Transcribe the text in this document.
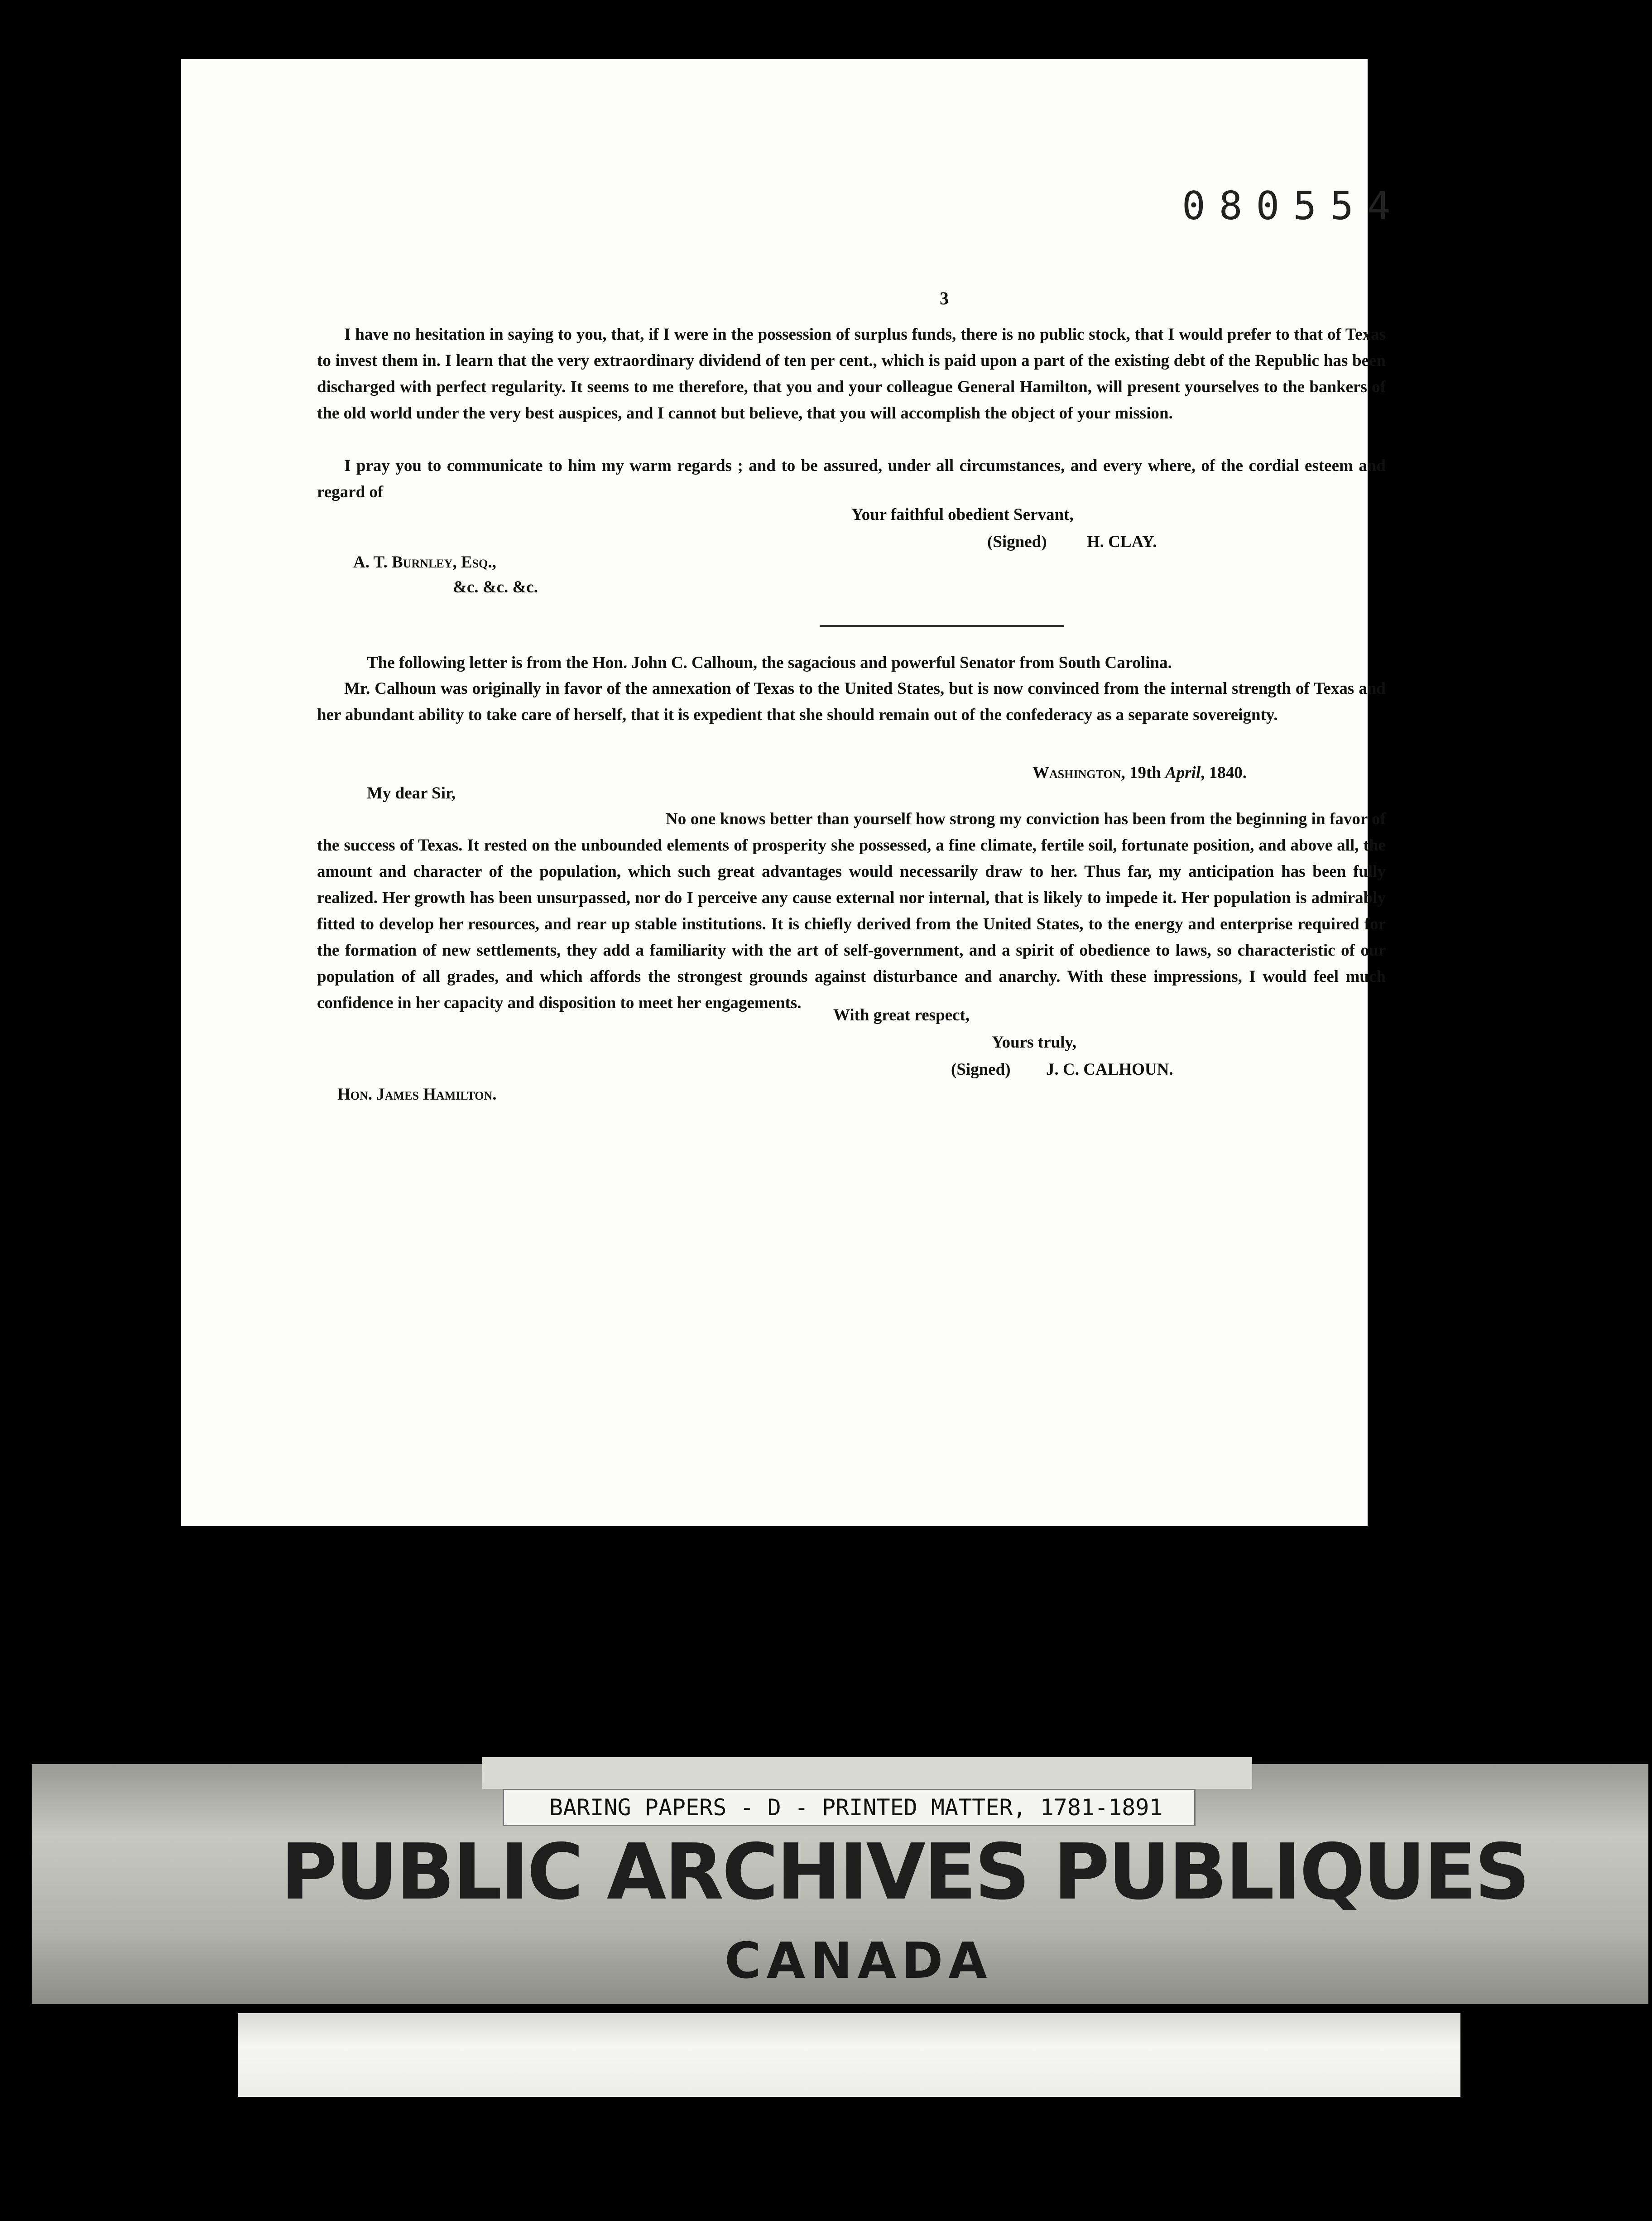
080554
3

I have no hesitation in saying to you, that, if I were in the possession of surplus funds, there is no public stock, that I would prefer to that of Texas to invest them in. I learn that the very extraordinary dividend of ten per cent., which is paid upon a part of the existing debt of the Republic has been discharged with perfect regularity. It seems to me therefore, that you and your colleague General Hamilton, will present yourselves to the bankers of the old world under the very best auspices, and I cannot but believe, that you will accomplish the object of your mission.

I pray you to communicate to him my warm regards ; and to be assured, under all circumstances, and every where, of the cordial esteem and regard of

Your faithful obedient Servant,
(Signed) H. CLAY.
A. T. Burnley, Esq.,
&c. &c. &c.

The following letter is from the Hon. John C. Calhoun, the sagacious and powerful Senator from South Carolina.

Mr. Calhoun was originally in favor of the annexation of Texas to the United States, but is now convinced from the internal strength of Texas and her abundant ability to take care of herself, that it is expedient that she should remain out of the confederacy as a separate sovereignty.

Washington, 19th April, 1840.
My dear Sir,

No one knows better than yourself how strong my conviction has been from the beginning in favor of the success of Texas. It rested on the unbounded elements of prosperity she possessed, a fine climate, fertile soil, fortunate position, and above all, the amount and character of the population, which such great advantages would necessarily draw to her. Thus far, my anticipation has been fully realized. Her growth has been unsurpassed, nor do I perceive any cause external nor internal, that is likely to impede it. Her population is admirably fitted to develop her resources, and rear up stable institutions. It is chiefly derived from the United States, to the energy and enterprise required for the formation of new settlements, they add a familiarity with the art of self-government, and a spirit of obedience to laws, so characteristic of our population of all grades, and which affords the strongest grounds against disturbance and anarchy. With these impressions, I would feel much confidence in her capacity and disposition to meet her engagements.

With great respect,
Yours truly,
(Signed) J. C. CALHOUN.
Hon. James Hamilton.
BARING PAPERS - D - PRINTED MATTER, 1781-1891
PUBLIC ARCHIVES PUBLIQUES
CANADA
